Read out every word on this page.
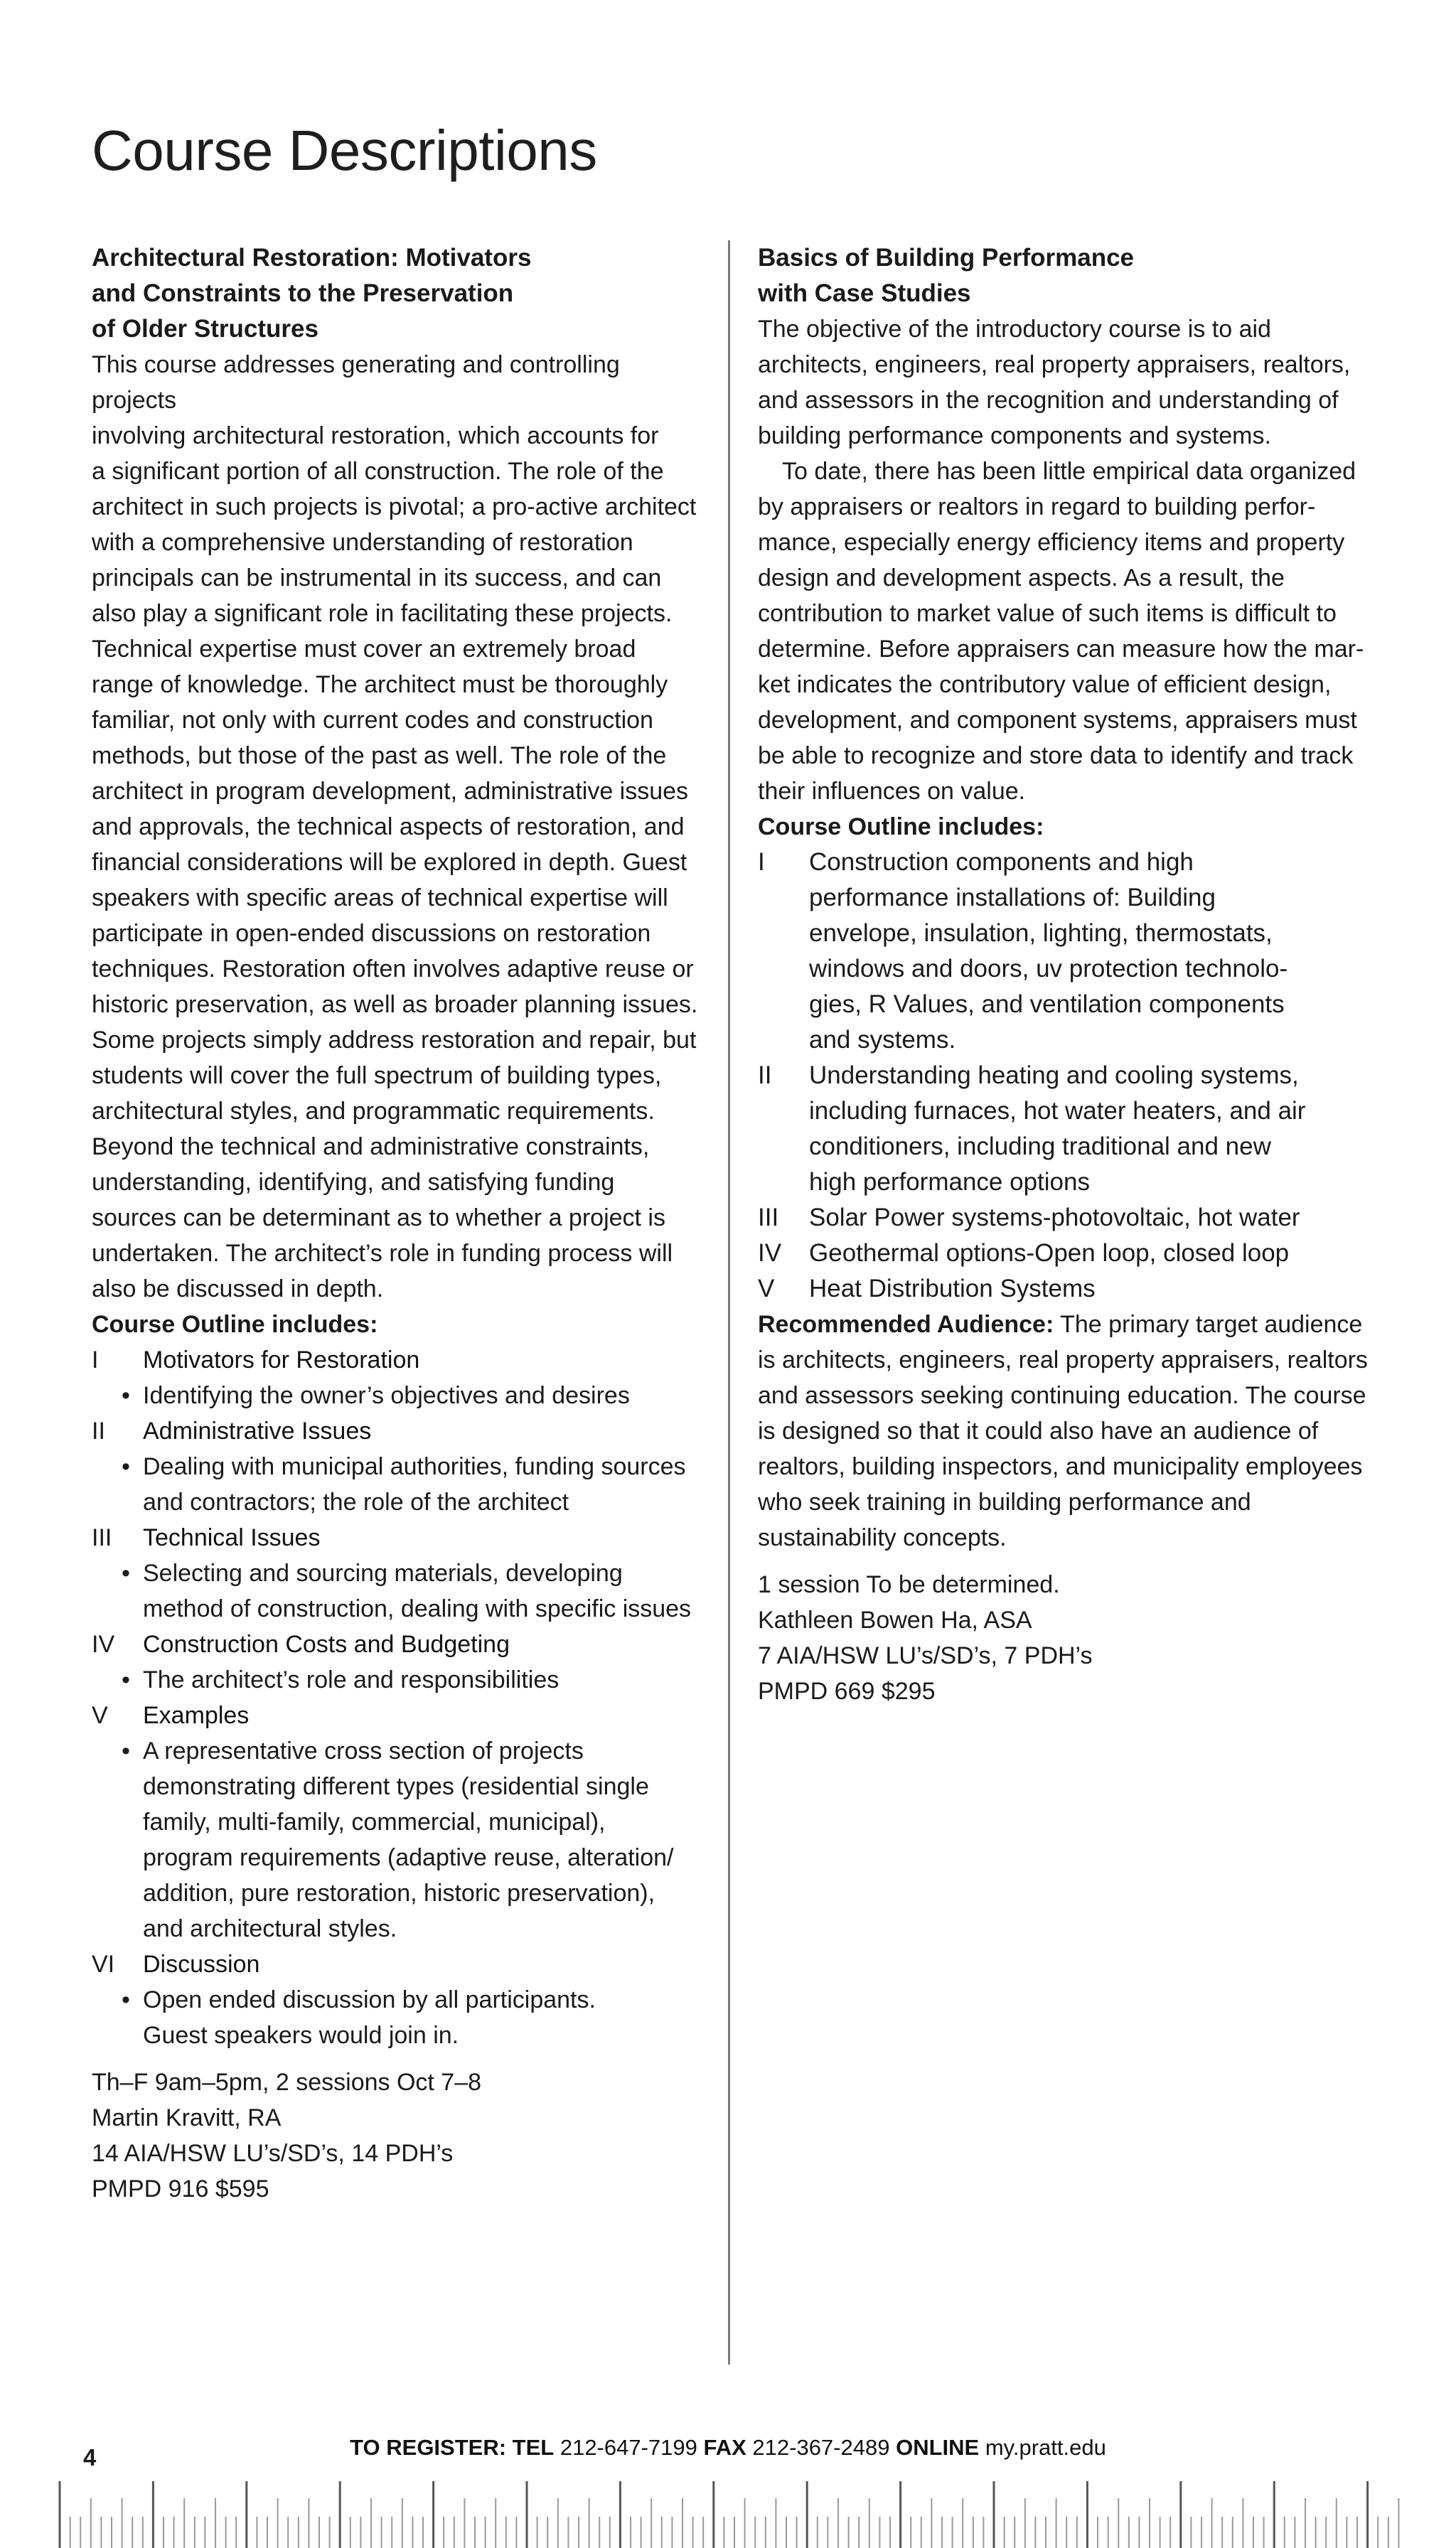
Course Descriptions

Architectural Restoration: Motivators

and Constraints to the Preservation

of Older Structures

This course addresses generating and controlling projects

involving architectural restoration, which accounts for

a significant portion of all construction. The role of the

architect in such projects is pivotal; a pro-active architect

with a comprehensive understanding of restoration

principals can be instrumental in its success, and can

also play a significant role in facilitating these projects.

Technical expertise must cover an extremely broad

range of knowledge. The architect must be thoroughly

familiar, not only with current codes and construction

methods, but those of the past as well. The role of the

architect in program development, administrative issues

and approvals, the technical aspects of restoration, and

financial considerations will be explored in depth. Guest

speakers with specific areas of technical expertise will

participate in open-ended discussions on restoration

techniques. Restoration often involves adaptive reuse or

historic preservation, as well as broader planning issues.

Some projects simply address restoration and repair, but

students will cover the full spectrum of building types,

architectural styles, and programmatic requirements.

Beyond the technical and administrative constraints,

understanding, identifying, and satisfying funding

sources can be determinant as to whether a project is

undertaken. The architect’s role in funding process will

also be discussed in depth.

Course Outline includes:

I Motivators for Restoration
• Identifying the owner’s objectives and desires
II Administrative Issues
• Dealing with municipal authorities, funding sources
and contractors; the role of the architect
III Technical Issues
• Selecting and sourcing materials, developing
method of construction, dealing with specific issues
IV Construction Costs and Budgeting
• The architect’s role and responsibilities
V Examples
• A representative cross section of projects
demonstrating different types (residential single
family, multi-family, commercial, municipal),
program requirements (adaptive reuse, alteration/
addition, pure restoration, historic preservation),
and architectural styles.
VI Discussion
• Open ended discussion by all participants.
Guest speakers would join in.

Th–F 9am–5pm, 2 sessions Oct 7–8

Martin Kravitt, RA

14 AIA/HSW LU’s/SD’s, 14 PDH’s

PMPD 916 $595

Basics of Building Performance

with Case Studies

The objective of the introductory course is to aid

architects, engineers, real property appraisers, realtors,

and assessors in the recognition and understanding of

building performance components and systems.

To date, there has been little empirical data organized

by appraisers or realtors in regard to building perfor-

mance, especially energy efficiency items and property

design and development aspects. As a result, the

contribution to market value of such items is difficult to

determine. Before appraisers can measure how the mar-

ket indicates the contributory value of efficient design,

development, and component systems, appraisers must

be able to recognize and store data to identify and track

their influences on value.

Course Outline includes:

I Construction components and high
performance installations of: Building
envelope, insulation, lighting, thermostats,
windows and doors, uv protection technolo-
gies, R Values, and ventilation components
and systems.
II Understanding heating and cooling systems,
including furnaces, hot water heaters, and air
conditioners, including traditional and new
high performance options
III Solar Power systems-photovoltaic, hot water
IV Geothermal options-Open loop, closed loop
V Heat Distribution Systems

Recommended Audience: The primary target audience

is architects, engineers, real property appraisers, realtors

and assessors seeking continuing education. The course

is designed so that it could also have an audience of

realtors, building inspectors, and municipality employees

who seek training in building performance and

sustainability concepts.

1 session To be determined.

Kathleen Bowen Ha, ASA

7 AIA/HSW LU’s/SD’s, 7 PDH’s

PMPD 669 $295

4	TO REGISTER: TEL 212-647-7199 FAX 212-367-2489 ONLINE my.pratt.edu
